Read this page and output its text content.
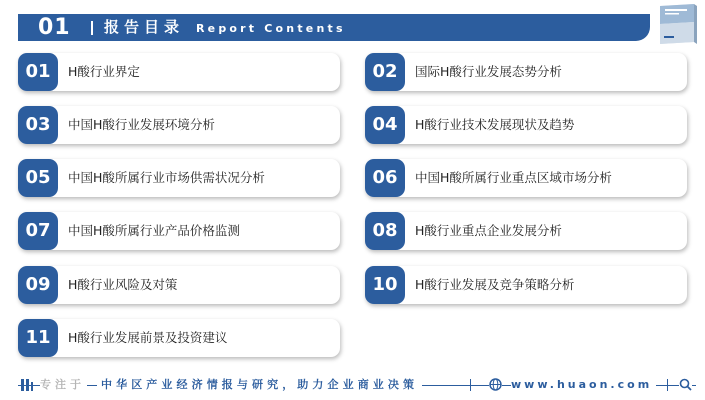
01	报告目录 Report Contents
01	H酸行业界定	02	国际H酸行业发展态势分析
03	中国H酸行业发展环境分析	04	H酸行业技术发展现状及趋势
05	中国H酸所属行业市场供需状况分析	06	中国H酸所属行业重点区域市场分析
07	中国H酸所属行业产品价格监测	08	H酸行业重点企业发展分析
09	H酸行业风险及对策	10	H酸行业发展及竞争策略分析
11	H酸行业发展前景及投资建议
专注于	中华区产业经济情报与研究，助力企业商业决策	www.huaon.com
